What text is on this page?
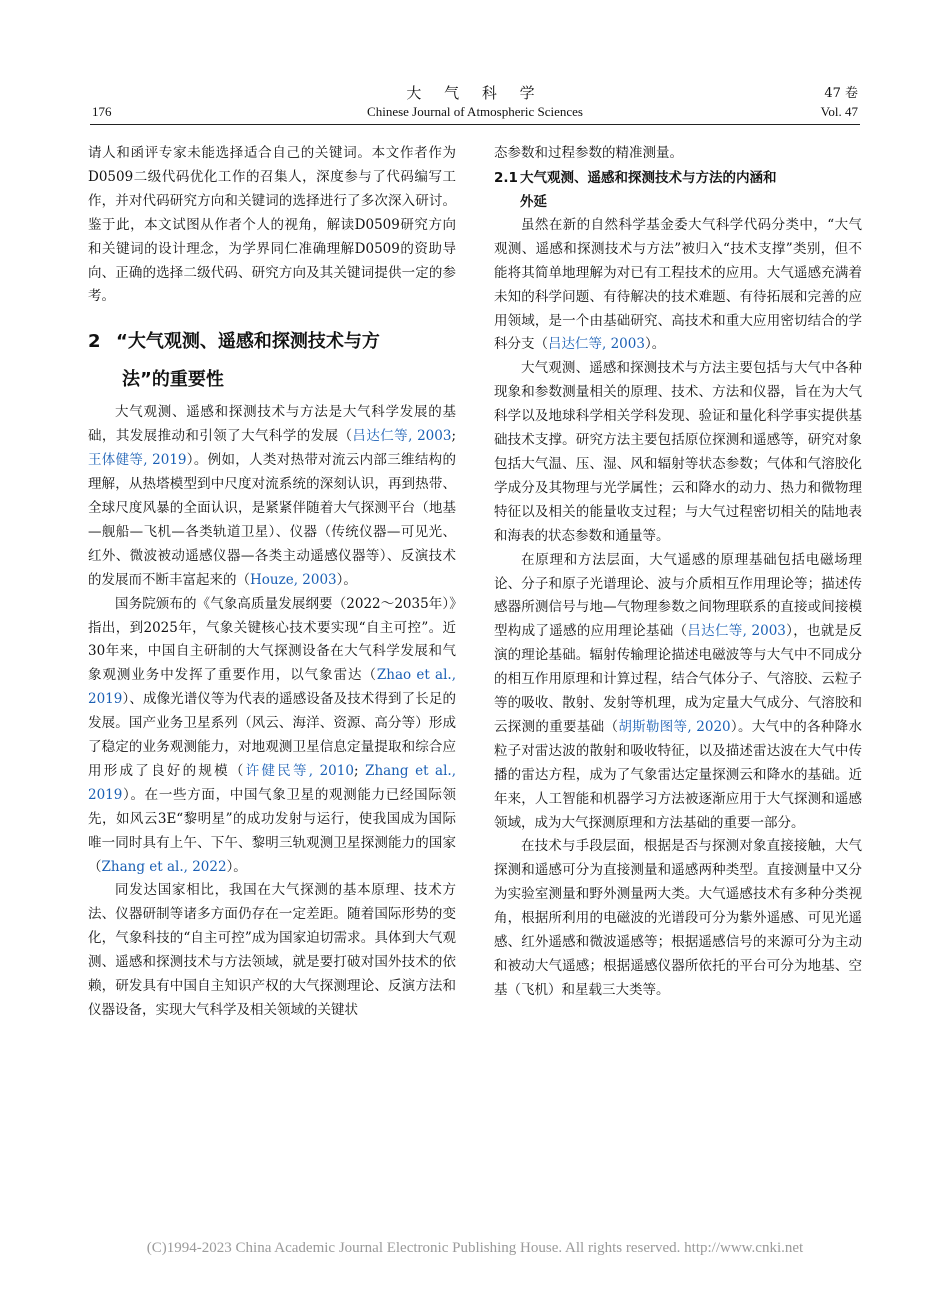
大 气 科 学	47 卷
176	Chinese Journal of Atmospheric Sciences	Vol. 47

请人和函评专家未能选择适合自己的关键词。本文作者作为D0509二级代码优化工作的召集人，深度参与了代码编写工作，并对代码研究方向和关键词的选择进行了多次深入研讨。鉴于此，本文试图从作者个人的视角，解读D0509研究方向和关键词的设计理念，为学界同仁准确理解D0509的资助导向、正确的选择二级代码、研究方向及其关键词提供一定的参考。

2 “大气观测、遥感和探测技术与方
法”的重要性

大气观测、遥感和探测技术与方法是大气科学发展的基础，其发展推动和引领了大气科学的发展（吕达仁等, 2003; 王体健等, 2019）。例如，人类对热带对流云内部三维结构的理解，从热塔模型到中尺度对流系统的深刻认识，再到热带、全球尺度风暴的全面认识，是紧紧伴随着大气探测平台（地基—舰船—飞机—各类轨道卫星）、仪器（传统仪器—可见光、红外、微波被动遥感仪器—各类主动遥感仪器等）、反演技术的发展而不断丰富起来的（Houze, 2003）。

国务院颁布的《气象高质量发展纲要（2022～2035年）》指出，到2025年，气象关键核心技术要实现“自主可控”。近30年来，中国自主研制的大气探测设备在大气科学发展和气象观测业务中发挥了重要作用，以气象雷达（Zhao et al., 2019）、成像光谱仪等为代表的遥感设备及技术得到了长足的发展。国产业务卫星系列（风云、海洋、资源、高分等）形成了稳定的业务观测能力，对地观测卫星信息定量提取和综合应用形成了良好的规模（许健民等, 2010; Zhang et al., 2019）。在一些方面，中国气象卫星的观测能力已经国际领先，如风云3E“黎明星”的成功发射与运行，使我国成为国际唯一同时具有上午、下午、黎明三轨观测卫星探测能力的国家（Zhang et al., 2022）。

同发达国家相比，我国在大气探测的基本原理、技术方法、仪器研制等诸多方面仍存在一定差距。随着国际形势的变化，气象科技的“自主可控”成为国家迫切需求。具体到大气观测、遥感和探测技术与方法领域，就是要打破对国外技术的依赖，研发具有中国自主知识产权的大气探测理论、反演方法和仪器设备，实现大气科学及相关领域的关键状

态参数和过程参数的精准测量。

2.1 大气观测、遥感和探测技术与方法的内涵和
外延

虽然在新的自然科学基金委大气科学代码分类中，“大气观测、遥感和探测技术与方法”被归入“技术支撑”类别，但不能将其简单地理解为对已有工程技术的应用。大气遥感充满着未知的科学问题、有待解决的技术难题、有待拓展和完善的应用领域，是一个由基础研究、高技术和重大应用密切结合的学科分支（吕达仁等, 2003）。

大气观测、遥感和探测技术与方法主要包括与大气中各种现象和参数测量相关的原理、技术、方法和仪器，旨在为大气科学以及地球科学相关学科发现、验证和量化科学事实提供基础技术支撑。研究方法主要包括原位探测和遥感等，研究对象包括大气温、压、湿、风和辐射等状态参数；气体和气溶胶化学成分及其物理与光学属性；云和降水的动力、热力和微物理特征以及相关的能量收支过程；与大气过程密切相关的陆地表和海表的状态参数和通量等。

在原理和方法层面，大气遥感的原理基础包括电磁场理论、分子和原子光谱理论、波与介质相互作用理论等；描述传感器所测信号与地—气物理参数之间物理联系的直接或间接模型构成了遥感的应用理论基础（吕达仁等, 2003），也就是反演的理论基础。辐射传输理论描述电磁波等与大气中不同成分的相互作用原理和计算过程，结合气体分子、气溶胶、云粒子等的吸收、散射、发射等机理，成为定量大气成分、气溶胶和云探测的重要基础（胡斯勒图等, 2020）。大气中的各种降水粒子对雷达波的散射和吸收特征，以及描述雷达波在大气中传播的雷达方程，成为了气象雷达定量探测云和降水的基础。近年来，人工智能和机器学习方法被逐渐应用于大气探测和遥感领域，成为大气探测原理和方法基础的重要一部分。

在技术与手段层面，根据是否与探测对象直接接触，大气探测和遥感可分为直接测量和遥感两种类型。直接测量中又分为实验室测量和野外测量两大类。大气遥感技术有多种分类视角，根据所利用的电磁波的光谱段可分为紫外遥感、可见光遥感、红外遥感和微波遥感等；根据遥感信号的来源可分为主动和被动大气遥感；根据遥感仪器所依托的平台可分为地基、空基（飞机）和星载三大类等。

(C)1994-2023 China Academic Journal Electronic Publishing House. All rights reserved. http://www.cnki.net
